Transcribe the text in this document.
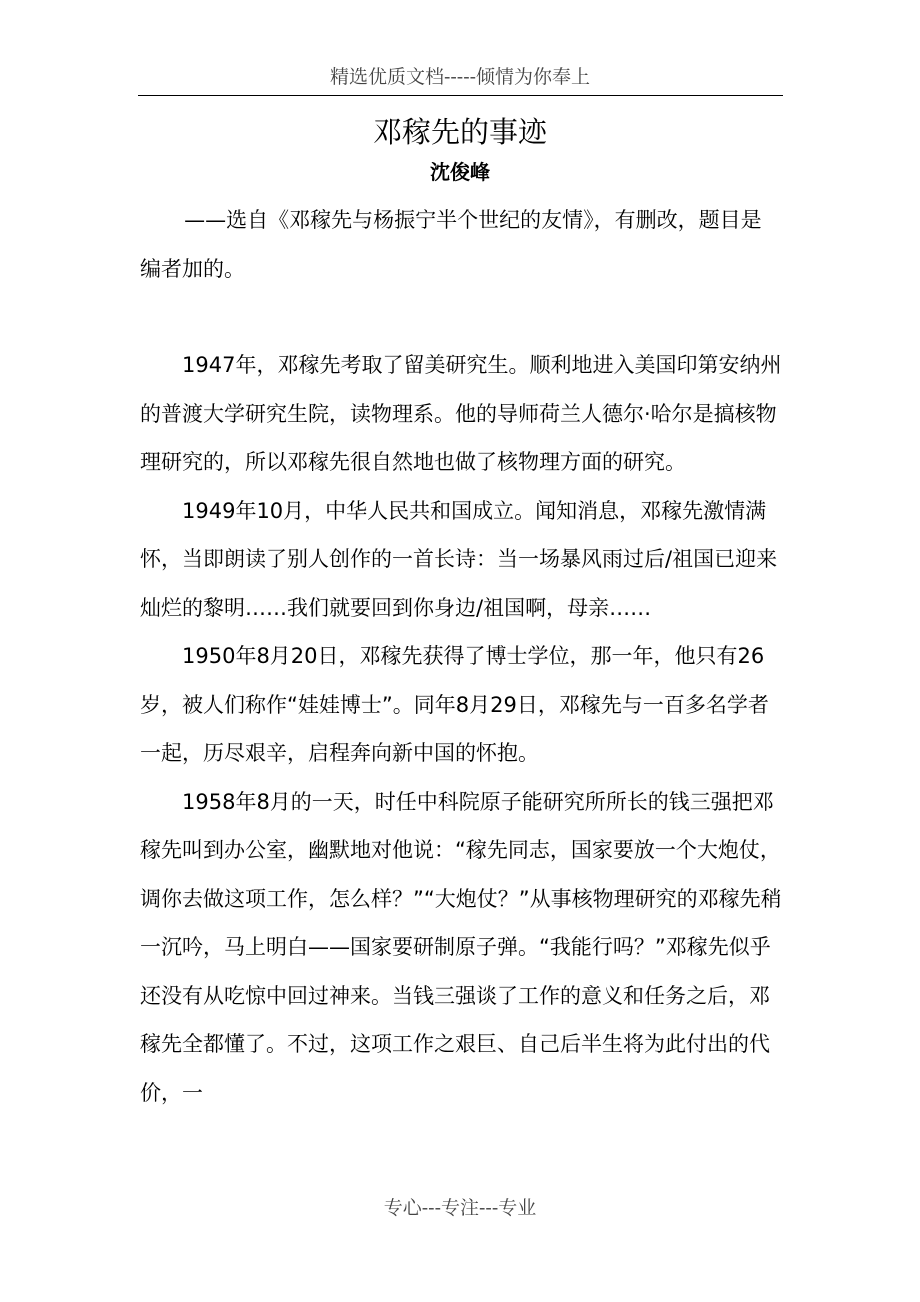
精选优质文档-----倾情为你奉上
邓稼先的事迹
沈俊峰

——选自《邓稼先与杨振宁半个世纪的友情》，有删改，题目是编者加的。

1947年，邓稼先考取了留美研究生。顺利地进入美国印第安纳州的普渡大学研究生院，读物理系。他的导师荷兰人德尔·哈尔是搞核物理研究的，所以邓稼先很自然地也做了核物理方面的研究。

1949年10月，中华人民共和国成立。闻知消息，邓稼先激情满怀，当即朗读了别人创作的一首长诗：当一场暴风雨过后/祖国已迎来灿烂的黎明……我们就要回到你身边/祖国啊，母亲……

1950年8月20日，邓稼先获得了博士学位，那一年，他只有26岁，被人们称作“娃娃博士”。同年8月29日，邓稼先与一百多名学者一起，历尽艰辛，启程奔向新中国的怀抱。

1958年8月的一天，时任中科院原子能研究所所长的钱三强把邓稼先叫到办公室，幽默地对他说：“稼先同志，国家要放一个大炮仗，调你去做这项工作，怎么样？”“大炮仗？”从事核物理研究的邓稼先稍一沉吟，马上明白——国家要研制原子弹。“我能行吗？”邓稼先似乎还没有从吃惊中回过神来。当钱三强谈了工作的意义和任务之后，邓稼先全都懂了。不过，这项工作之艰巨、自己后半生将为此付出的代价，一

专心---专注---专业
